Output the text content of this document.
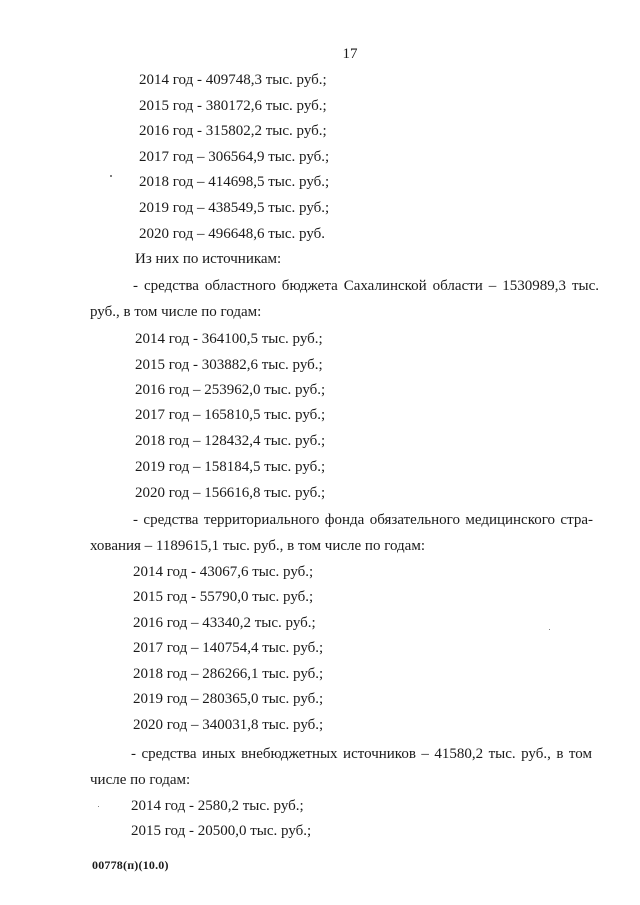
17
2014 год - 409748,3 тыс. руб.;
2015 год - 380172,6 тыс. руб.;
2016 год - 315802,2 тыс. руб.;
2017 год – 306564,9 тыс. руб.;
2018 год – 414698,5 тыс. руб.;
2019 год – 438549,5 тыс. руб.;
2020 год – 496648,6 тыс. руб.
Из них по источникам:
- средства областного бюджета Сахалинской области – 1530989,3 тыс.
руб., в том числе по годам:
2014 год - 364100,5 тыс. руб.;
2015 год - 303882,6 тыс. руб.;
2016 год – 253962,0 тыс. руб.;
2017 год – 165810,5 тыс. руб.;
2018 год – 128432,4 тыс. руб.;
2019 год – 158184,5 тыс. руб.;
2020 год – 156616,8 тыс. руб.;
- средства территориального фонда обязательного медицинского стра-
хования – 1189615,1 тыс. руб., в том числе по годам:
2014 год - 43067,6 тыс. руб.;
2015 год - 55790,0 тыс. руб.;
2016 год – 43340,2 тыс. руб.;
2017 год – 140754,4 тыс. руб.;
2018 год – 286266,1 тыс. руб.;
2019 год – 280365,0 тыс. руб.;
2020 год – 340031,8 тыс. руб.;
- средства иных внебюджетных источников – 41580,2 тыс. руб., в том
числе по годам:
2014 год - 2580,2 тыс. руб.;
2015 год - 20500,0 тыс. руб.;
00778(п)(10.0)
